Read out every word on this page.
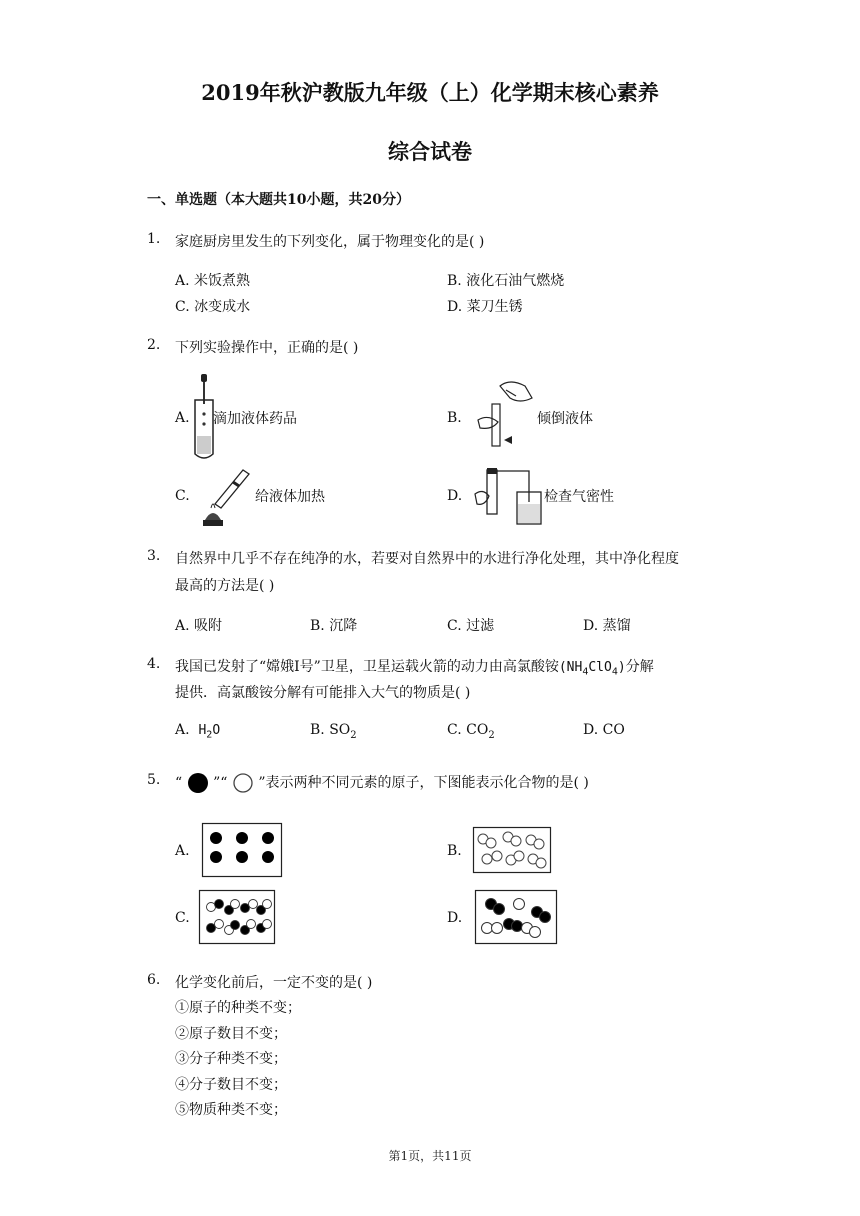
2019年秋沪教版九年级（上）化学期末核心素养
综合试卷
一、单选题（本大题共10小题，共20分）
1. 家庭厨房里发生的下列变化，属于物理变化的是( )
A. 米饭煮熟	B. 液化石油气燃烧
C. 冰变成水	D. 菜刀生锈
2. 下列实验操作中，正确的是( )
A. 滴加液体药品	B.	倾倒液体
C.	给液体加热	D.	检查气密性
3. 自然界中几乎不存在纯净的水，若要对自然界中的水进行净化处理，其中净化程度
最高的方法是( )
A. 吸附	B. 沉降	C. 过滤	D. 蒸馏
4. 我国已发射了“嫦娥Ⅰ号”卫星，卫星运载火箭的动力由高氯酸铵$(NH_4ClO_4)$分解
提供．高氯酸铵分解有可能排入大气的物质是( )
A. $H_2O$	B. $SO_2$	C. $CO_2$	D. CO
5. “ ”“ ”表示两种不同元素的原子，下图能表示化合物的是( )
A.	B.
C.	D.
6. 化学变化前后，一定不变的是( )
①原子的种类不变；
②原子数目不变；
③分子种类不变；
④分子数目不变；
⑤物质种类不变；
第1页，共11页
